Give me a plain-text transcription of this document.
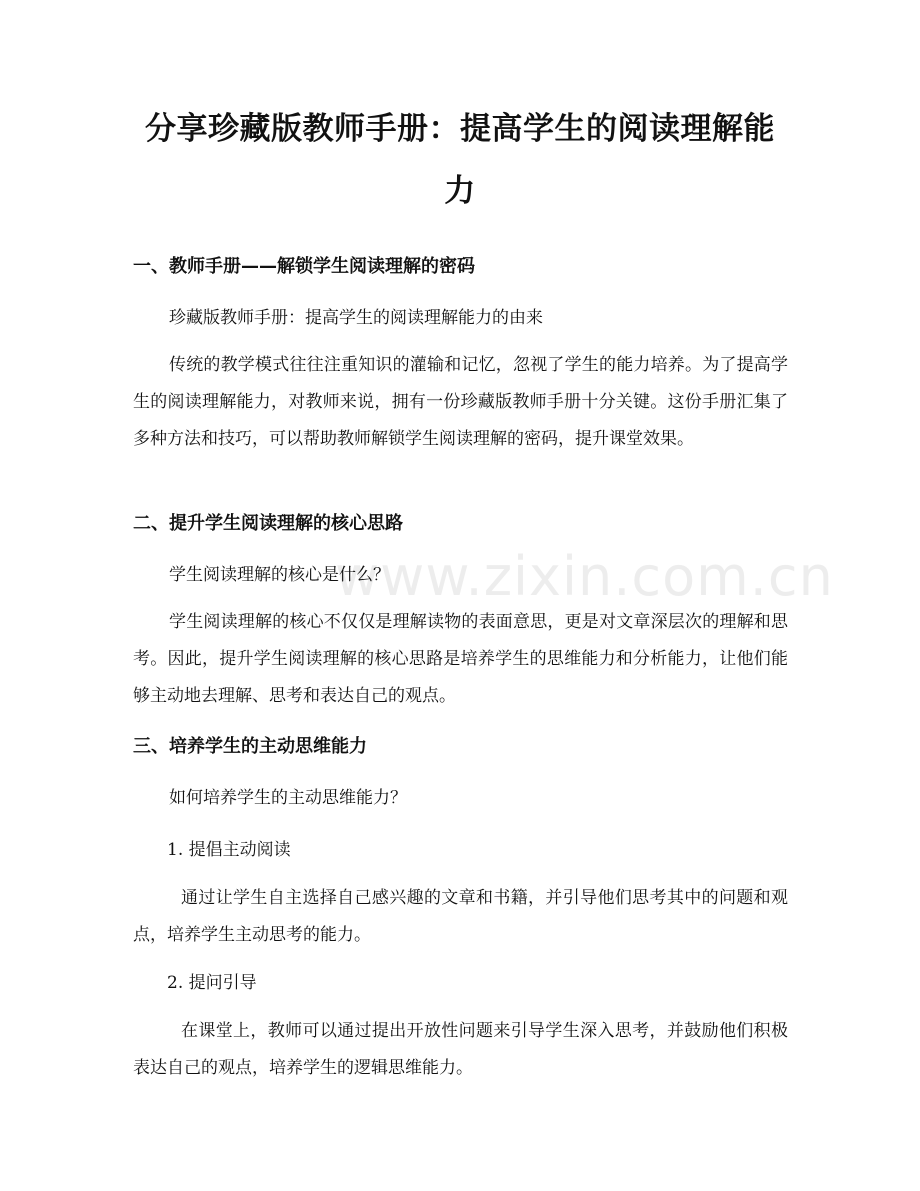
www.zixin.com.cn
分享珍藏版教师手册：提高学生的阅读理解能力
一、教师手册——解锁学生阅读理解的密码

珍藏版教师手册：提高学生的阅读理解能力的由来

传统的教学模式往往注重知识的灌输和记忆，忽视了学生的能力培养。为了提高学生的阅读理解能力，对教师来说，拥有一份珍藏版教师手册十分关键。这份手册汇集了多种方法和技巧，可以帮助教师解锁学生阅读理解的密码，提升课堂效果。

二、提升学生阅读理解的核心思路

学生阅读理解的核心是什么？

学生阅读理解的核心不仅仅是理解读物的表面意思，更是对文章深层次的理解和思考。因此，提升学生阅读理解的核心思路是培养学生的思维能力和分析能力，让他们能够主动地去理解、思考和表达自己的观点。

三、培养学生的主动思维能力

如何培养学生的主动思维能力？

1. 提倡主动阅读

通过让学生自主选择自己感兴趣的文章和书籍，并引导他们思考其中的问题和观点，培养学生主动思考的能力。

2. 提问引导

在课堂上，教师可以通过提出开放性问题来引导学生深入思考，并鼓励他们积极表达自己的观点，培养学生的逻辑思维能力。
